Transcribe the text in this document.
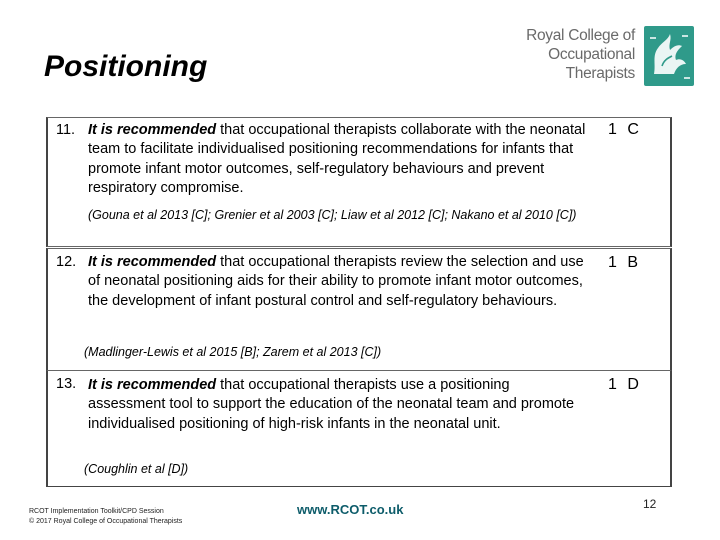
Positioning
Royal College of
Occupational
Therapists
11. It is recommended that occupational therapists collaborate with the neonatal team to facilitate individualised positioning recommendations for infants that promote infant motor outcomes, self-regulatory behaviours and prevent respiratory compromise.
1 C
(Gouna et al 2013 [C]; Grenier et al 2003 [C]; Liaw et al 2012 [C]; Nakano et al 2010 [C])
12. It is recommended that occupational therapists review the selection and use of neonatal positioning aids for their ability to promote infant motor outcomes, the development of infant postural control and self-regulatory behaviours.
1 B
(Madlinger-Lewis et al 2015 [B]; Zarem et al 2013 [C])
13. It is recommended that occupational therapists use a positioning assessment tool to support the education of the neonatal team and promote individualised positioning of high-risk infants in the neonatal unit.
1 D
(Coughlin et al [D])
RCOT Implementation Toolkit/CPD Session
© 2017 Royal College of Occupational Therapists
www.RCOT.co.uk	12
